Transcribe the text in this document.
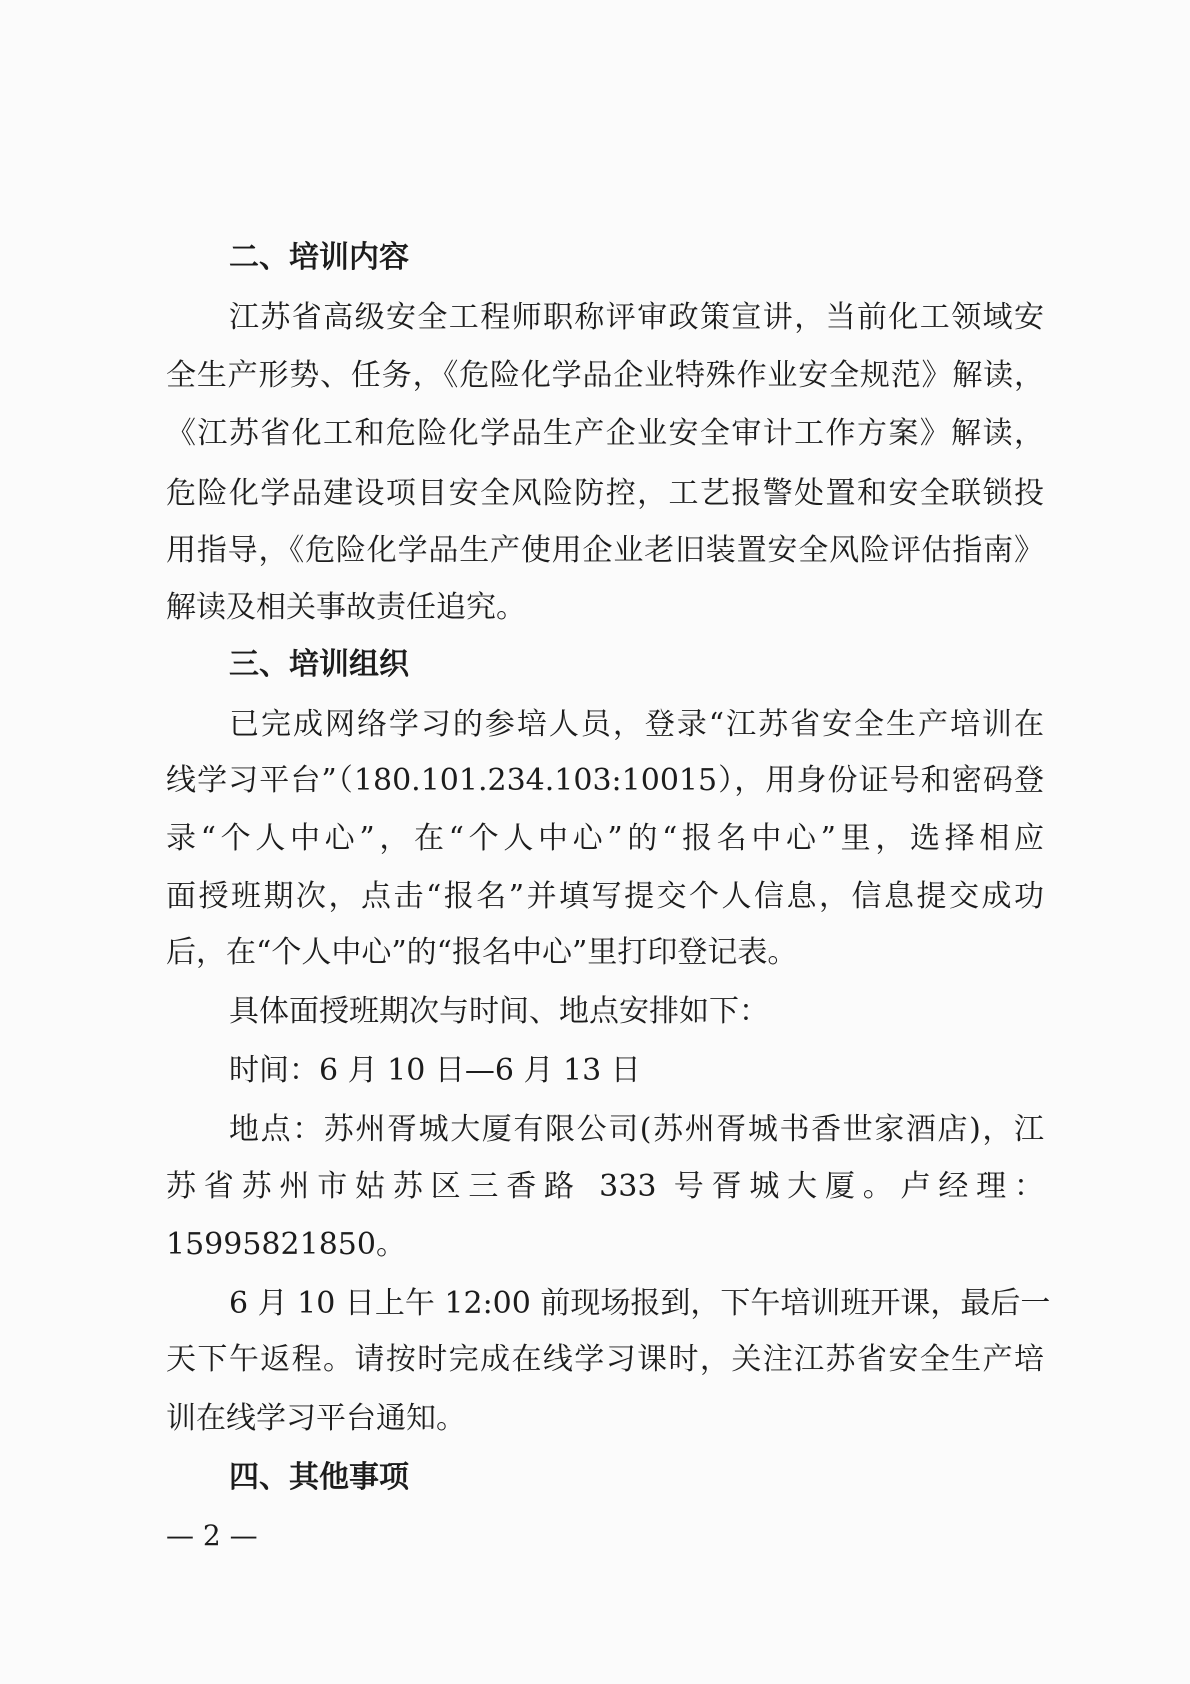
二、培训内容
江苏省高级安全工程师职称评审政策宣讲，当前化工领域安
全生产形势、任务，《危险化学品企业特殊作业安全规范》解读，
《江苏省化工和危险化学品生产企业安全审计工作方案》解读，
危险化学品建设项目安全风险防控，工艺报警处置和安全联锁投
用指导，《危险化学品生产使用企业老旧装置安全风险评估指南》
解读及相关事故责任追究。
三、培训组织
已完成网络学习的参培人员，登录“江苏省安全生产培训在
线学习平台”（180.101.234.103:10015），用身份证号和密码登
录“个人中心”，在“个人中心”的“报名中心”里，选择相应
面授班期次，点击“报名”并填写提交个人信息，信息提交成功
后，在“个人中心”的“报名中心”里打印登记表。
具体面授班期次与时间、地点安排如下：
时间：6 月 10 日—6 月 13 日
地点：苏州胥城大厦有限公司(苏州胥城书香世家酒店)，江
苏省苏州市姑苏区三香路 333 号胥城大厦。卢经理：
15995821850。
6 月 10 日上午 12:00 前现场报到，下午培训班开课，最后一
天下午返程。请按时完成在线学习课时，关注江苏省安全生产培
训在线学习平台通知。
四、其他事项
— 2 —
